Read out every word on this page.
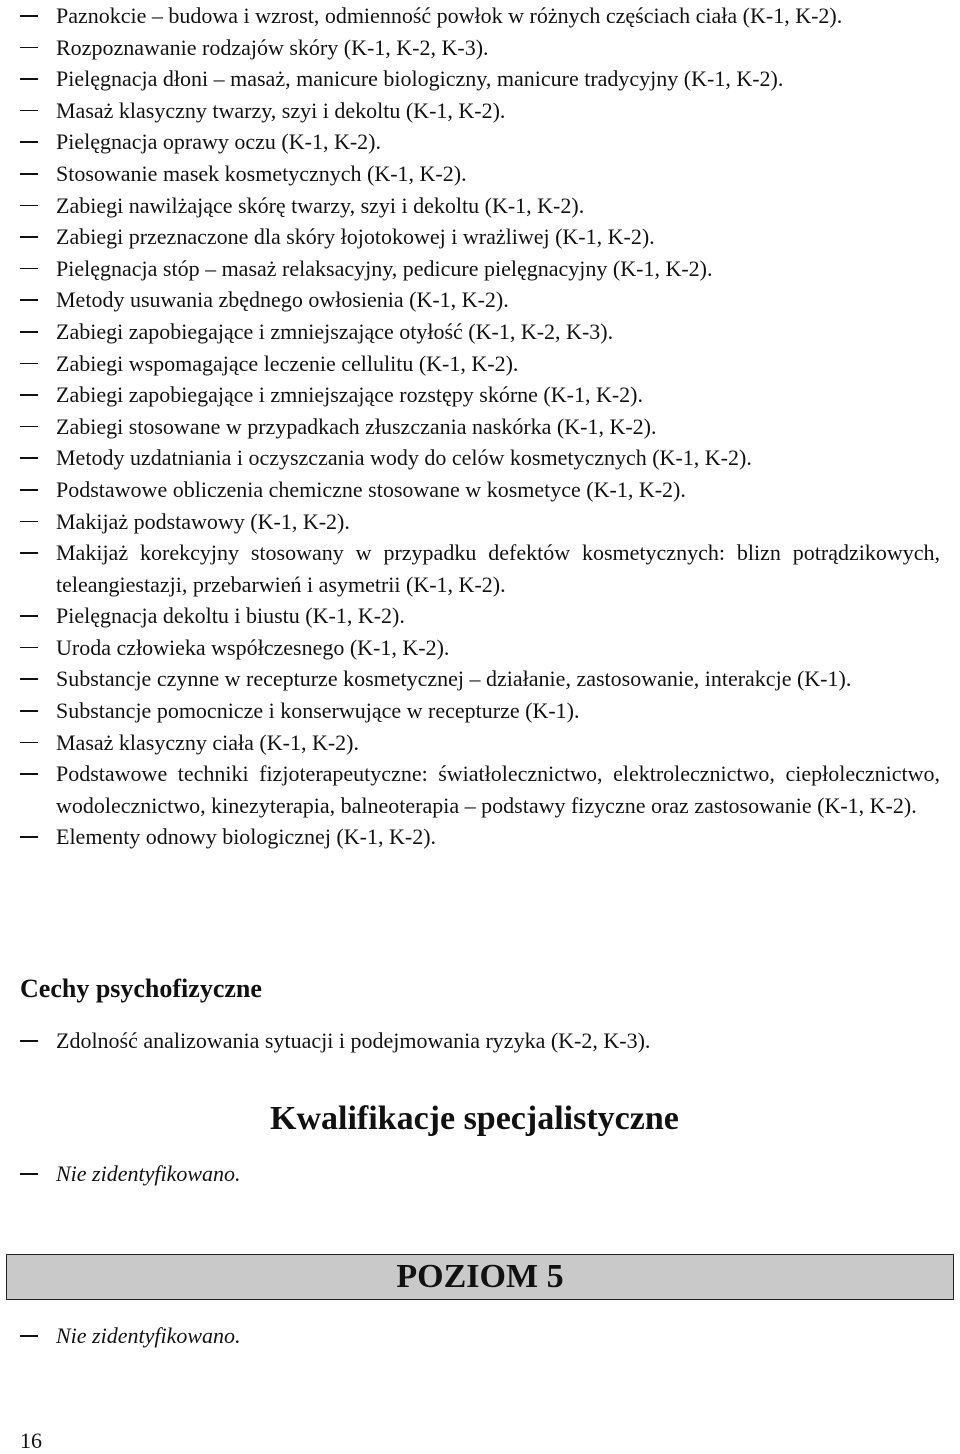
Paznokcie – budowa i wzrost, odmienność powłok w różnych częściach ciała (K-1, K-2).
Rozpoznawanie rodzajów skóry (K-1, K-2, K-3).
Pielęgnacja dłoni – masaż, manicure biologiczny, manicure tradycyjny (K-1, K-2).
Masaż klasyczny twarzy, szyi i dekoltu (K-1, K-2).
Pielęgnacja oprawy oczu (K-1, K-2).
Stosowanie masek kosmetycznych (K-1, K-2).
Zabiegi nawilżające skórę twarzy, szyi i dekoltu (K-1, K-2).
Zabiegi przeznaczone dla skóry łojotokowej i wrażliwej (K-1, K-2).
Pielęgnacja stóp – masaż relaksacyjny, pedicure pielęgnacyjny (K-1, K-2).
Metody usuwania zbędnego owłosienia (K-1, K-2).
Zabiegi zapobiegające i zmniejszające otyłość (K-1, K-2, K-3).
Zabiegi wspomagające leczenie cellulitu (K-1, K-2).
Zabiegi zapobiegające i zmniejszające rozstępy skórne (K-1, K-2).
Zabiegi stosowane w przypadkach złuszczania naskórka (K-1, K-2).
Metody uzdatniania i oczyszczania wody do celów kosmetycznych (K-1, K-2).
Podstawowe obliczenia chemiczne stosowane w kosmetyce (K-1, K-2).
Makijaż podstawowy (K-1, K-2).
Makijaż korekcyjny stosowany w przypadku defektów kosmetycznych: blizn potrądzikowych, teleangiestazji, przebarwień i asymetrii (K-1, K-2).
Pielęgnacja dekoltu i biustu (K-1, K-2).
Uroda człowieka współczesnego (K-1, K-2).
Substancje czynne w recepturze kosmetycznej – działanie, zastosowanie, interakcje (K-1).
Substancje pomocnicze i konserwujące w recepturze (K-1).
Masaż klasyczny ciała (K-1, K-2).
Podstawowe techniki fizjoterapeutyczne: światłolecznictwo, elektrolecznictwo, ciepłolecznictwo, wodolecznictwo, kinezyterapia, balneoterapia – podstawy fizyczne oraz zastosowanie (K-1, K-2).
Elementy odnowy biologicznej (K-1, K-2).
Cechy psychofizyczne
Zdolność analizowania sytuacji i podejmowania ryzyka (K-2, K-3).
Kwalifikacje specjalistyczne
Nie zidentyfikowano.
POZIOM 5
Nie zidentyfikowano.
16
